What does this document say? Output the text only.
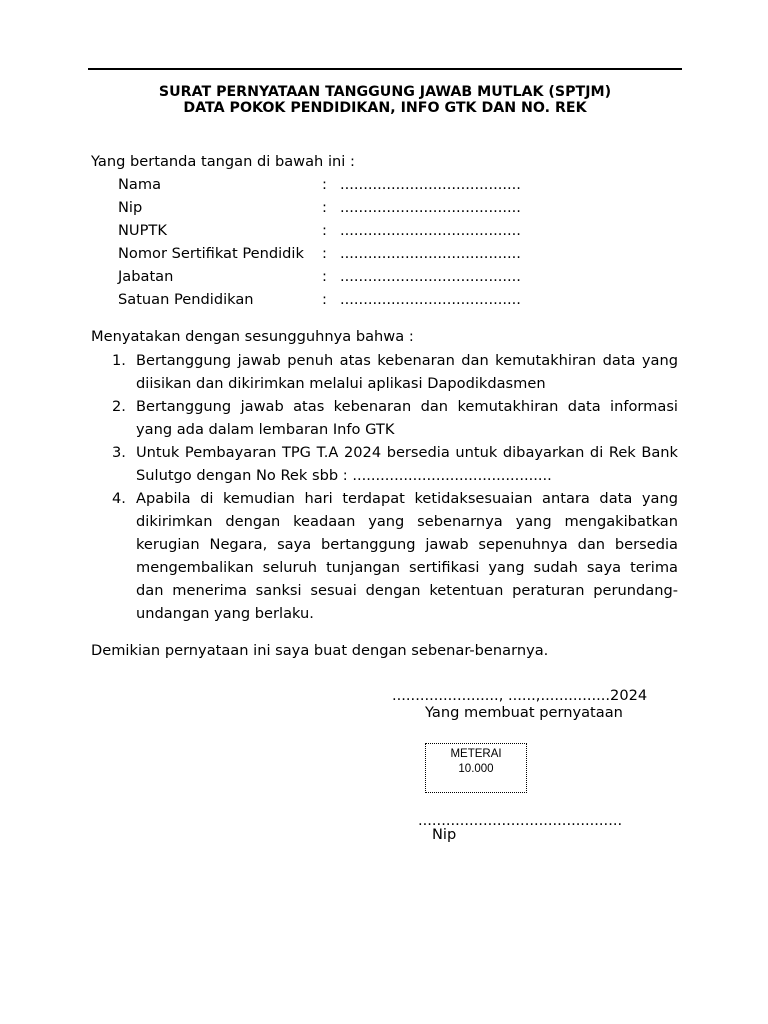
SURAT PERNYATAAN TANGGUNG JAWAB MUTLAK (SPTJM)
DATA POKOK PENDIDIKAN, INFO GTK DAN NO. REK
Yang bertanda tangan di bawah ini :
Nama	: .......................................
Nip	: .......................................
NUPTK	: .......................................
Nomor Sertifikat Pendidik : .......................................
Jabatan	: .......................................
Satuan Pendidikan	: .......................................
Menyatakan dengan sesungguhnya bahwa :
1. Bertanggung jawab penuh atas kebenaran dan kemutakhiran data yang diisikan dan dikirimkan melalui aplikasi Dapodikdasmen
2. Bertanggung jawab atas kebenaran dan kemutakhiran data informasi yang ada dalam lembaran Info GTK
3. Untuk Pembayaran TPG T.A 2024 bersedia untuk dibayarkan di Rek Bank Sulutgo dengan No Rek sbb : ...........................................
4. Apabila di kemudian hari terdapat ketidaksesuaian antara data yang dikirimkan dengan keadaan yang sebenarnya yang mengakibatkan kerugian Negara, saya bertanggung jawab sepenuhnya dan bersedia mengembalikan seluruh tunjangan sertifikasi yang sudah saya terima dan menerima sanksi sesuai dengan ketentuan peraturan perundang-undangan yang berlaku.
Demikian pernyataan ini saya buat dengan sebenar-benarnya.
......................., ......,...............2024
Yang membuat pernyataan
METERAI
10.000
............................................
Nip
